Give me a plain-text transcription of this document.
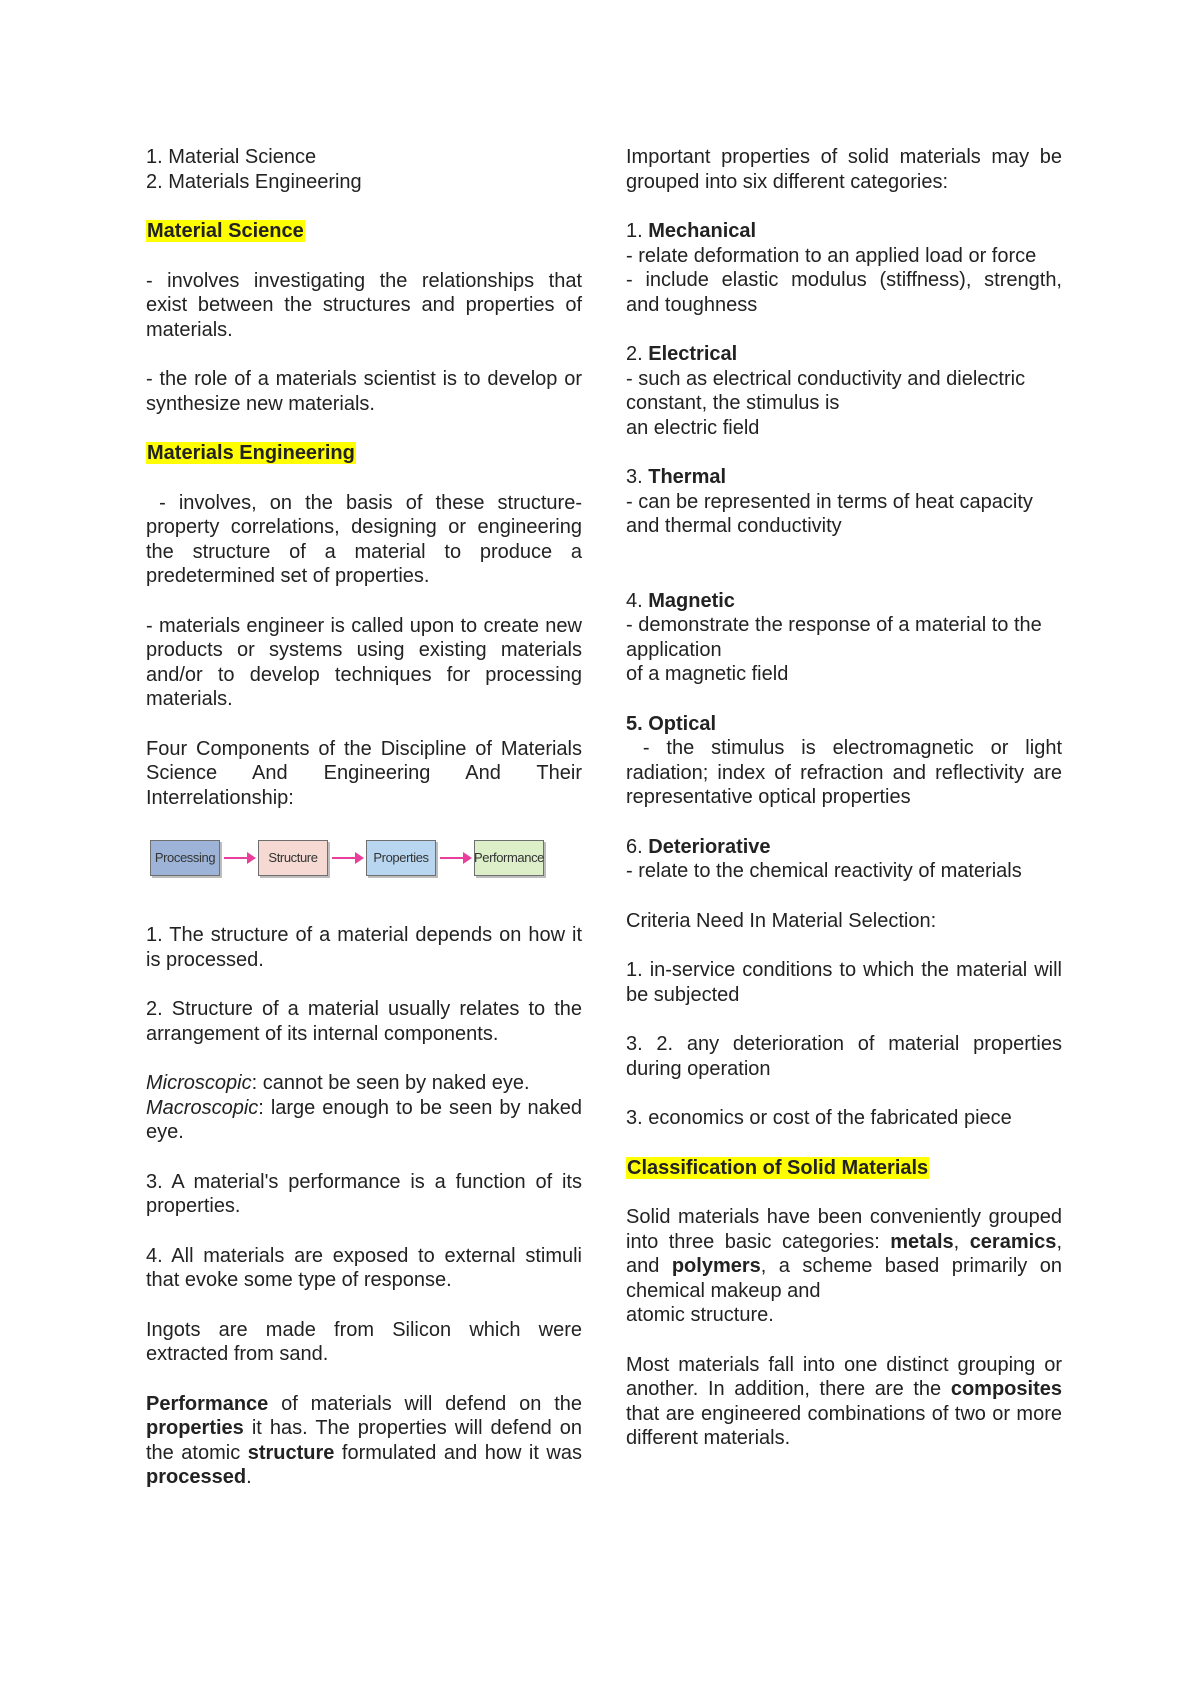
1. Material Science

2. Materials Engineering

Material Science

- involves investigating the relationships that exist between the structures and properties of materials.

- the role of a materials scientist is to develop or synthesize new materials.

Materials Engineering

- involves, on the basis of these structure-property correlations, designing or engineering the structure of a material to produce a predetermined set of properties.

- materials engineer is called upon to create new products or systems using existing materials and/or to develop techniques for processing materials.

Four Components of the Discipline of Materials Science And Engineering And Their Interrelationship:

Processing	Structure	Properties	Performance

1. The structure of a material depends on how it is processed.

2. Structure of a material usually relates to the arrangement of its internal components.

Microscopic: cannot be seen by naked eye.

Macroscopic: large enough to be seen by naked eye.

3. A material's performance is a function of its properties.

4. All materials are exposed to external stimuli that evoke some type of response.

Ingots are made from Silicon which were extracted from sand.

Performance of materials will defend on the properties it has. The properties will defend on the atomic structure formulated and how it was processed.

Important properties of solid materials may be grouped into six different categories:

1. Mechanical

- relate deformation to an applied load or force

- include elastic modulus (stiffness), strength, and toughness

2. Electrical

- such as electrical conductivity and dielectric constant, the stimulus is

an electric field

3. Thermal

- can be represented in terms of heat capacity and thermal conductivity

4. Magnetic

- demonstrate the response of a material to the application

of a magnetic field

5. Optical

- the stimulus is electromagnetic or light radiation; index of refraction and reflectivity are representative optical properties

6. Deteriorative

- relate to the chemical reactivity of materials

Criteria Need In Material Selection:

1. in-service conditions to which the material will be subjected

3. 2. any deterioration of material properties during operation

3. economics or cost of the fabricated piece

Classification of Solid Materials

Solid materials have been conveniently grouped into three basic categories: metals, ceramics, and polymers, a scheme based primarily on chemical makeup and

atomic structure.

Most materials fall into one distinct grouping or another. In addition, there are the composites that are engineered combinations of two or more different materials.
